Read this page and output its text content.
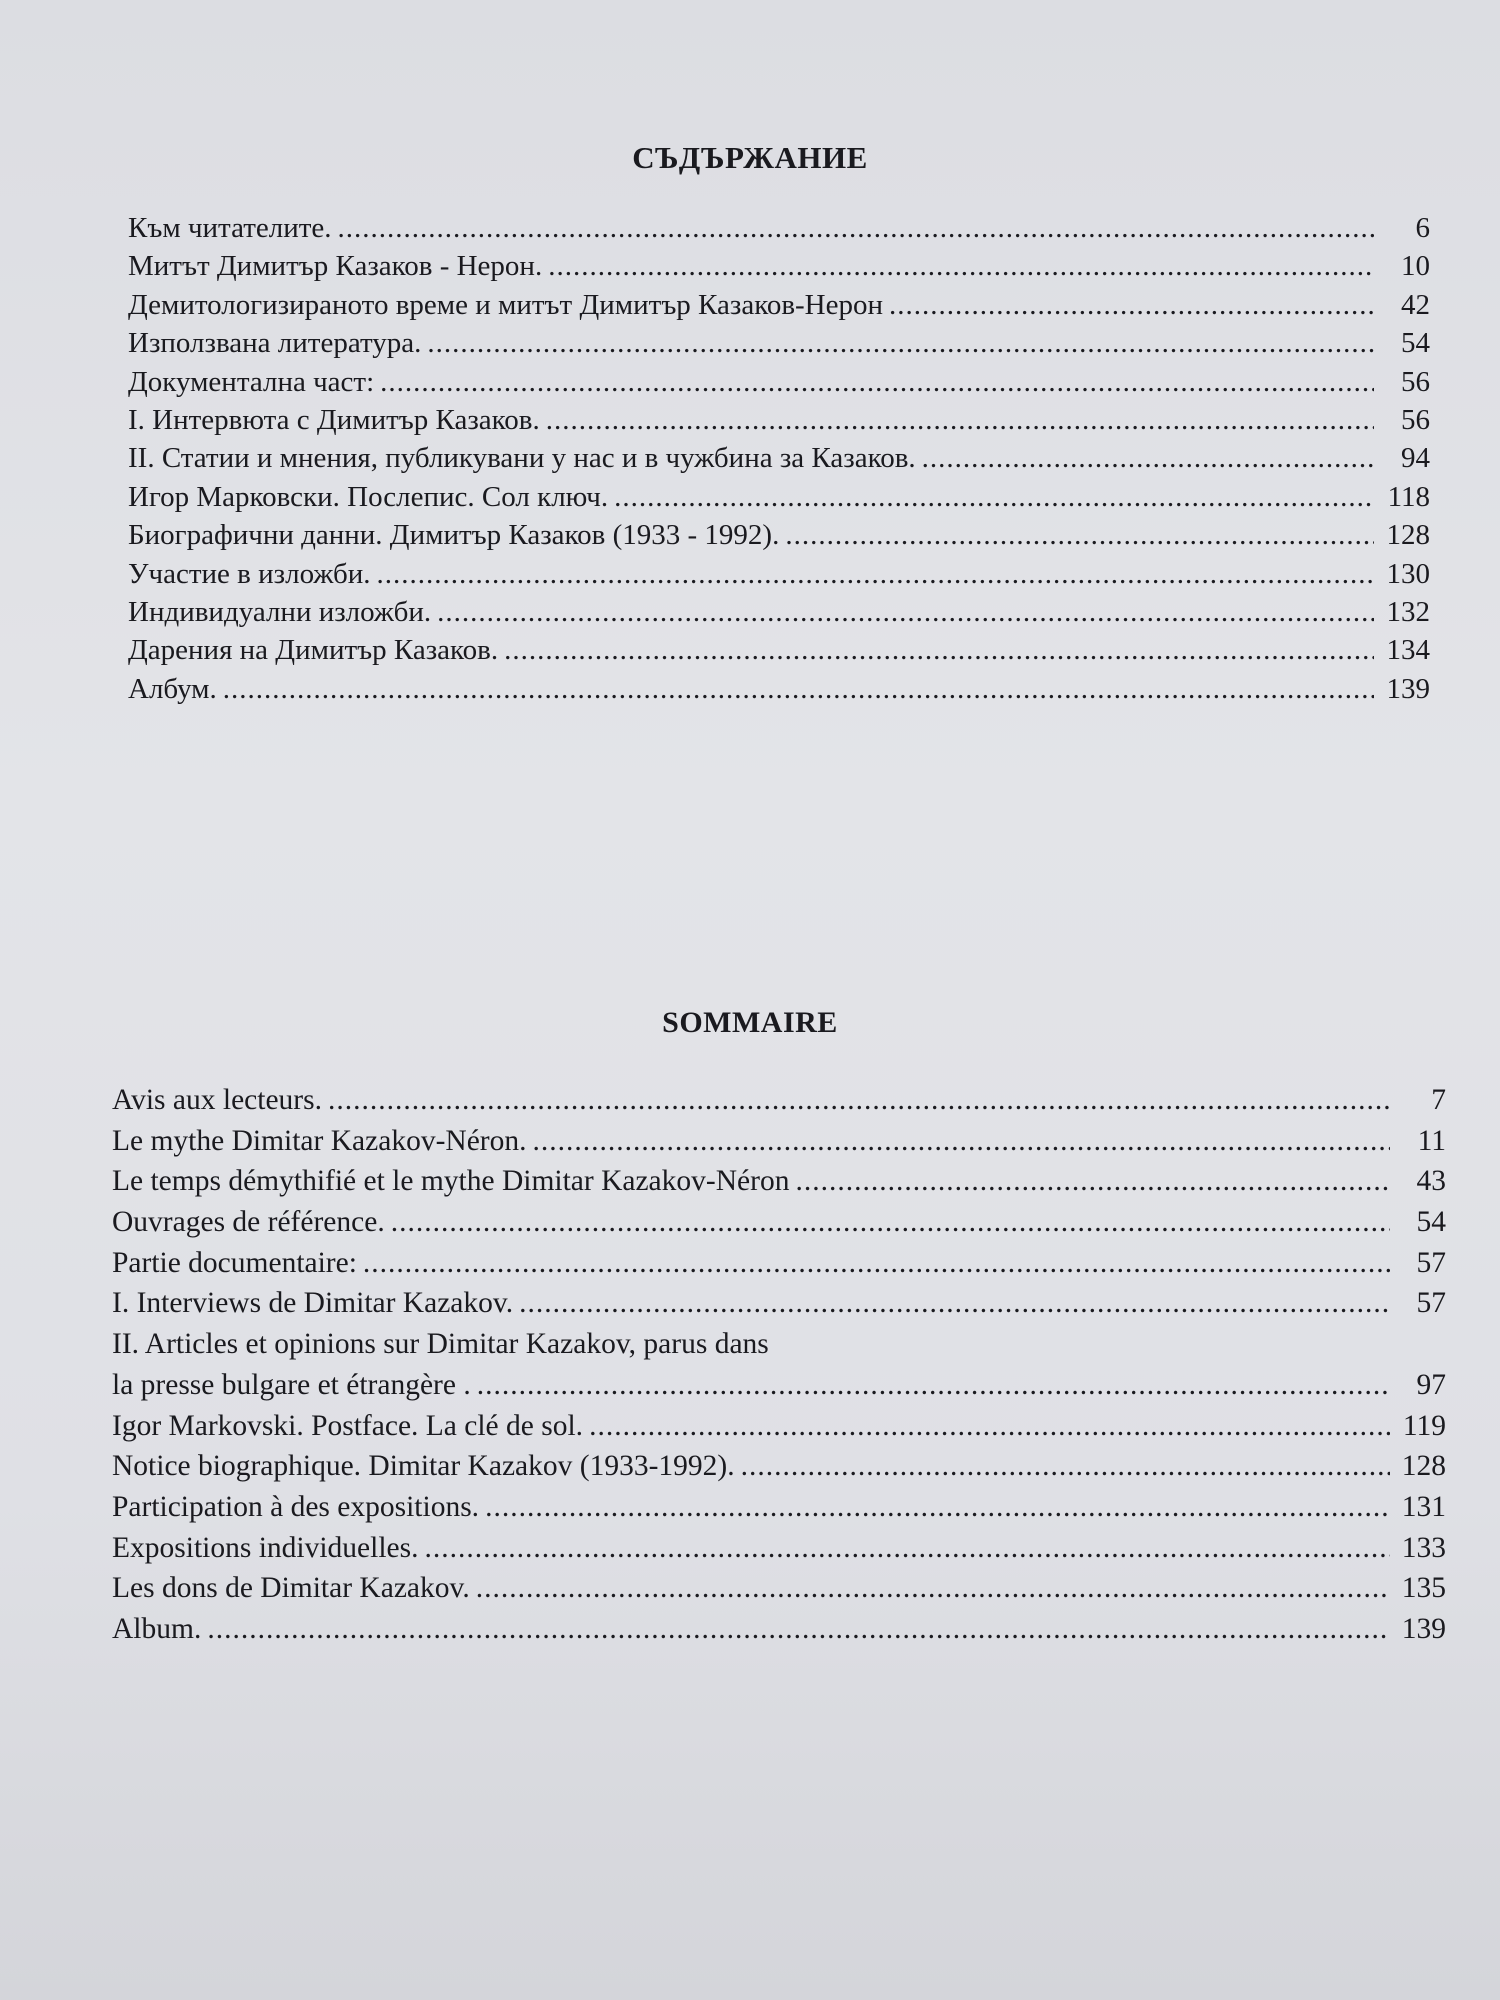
СЪДЪРЖАНИЕ
Към читателите. .....	6
Митът Димитър Казаков - Нерон. .....	10
Демитологизираното време и митът Димитър Казаков-Нерон .....	42
Използвана литература. .....	54
Документална част: .....	56
I. Интервюта с Димитър Казаков. .....	56
II. Статии и мнения, публикувани у нас и в чужбина за Казаков. .....	94
Игор Марковски. Послепис. Сол ключ. .....	118
Биографични данни. Димитър Казаков (1933 - 1992). .....	128
Участие в изложби. .....	130
Индивидуални изложби. .....	132
Дарения на Димитър Казаков. .....	134
Албум. .....	139
SOMMAIRE
Avis aux lecteurs. .....	7
Le mythe Dimitar Kazakov-Néron. .....	11
Le temps démythifié et le mythe Dimitar Kazakov-Néron .....	43
Ouvrages de référence. .....	54
Partie documentaire: .....	57
I. Interviews de Dimitar Kazakov. .....	57
II. Articles et opinions sur Dimitar Kazakov, parus dans
la presse bulgare et étrangère . .....	97
Igor Markovski. Postface. La clé de sol. .....	119
Notice biographique. Dimitar Kazakov (1933-1992). .....	128
Participation à des expositions. .....	131
Expositions individuelles. .....	133
Les dons de Dimitar Kazakov. .....	135
Album. .....	139
